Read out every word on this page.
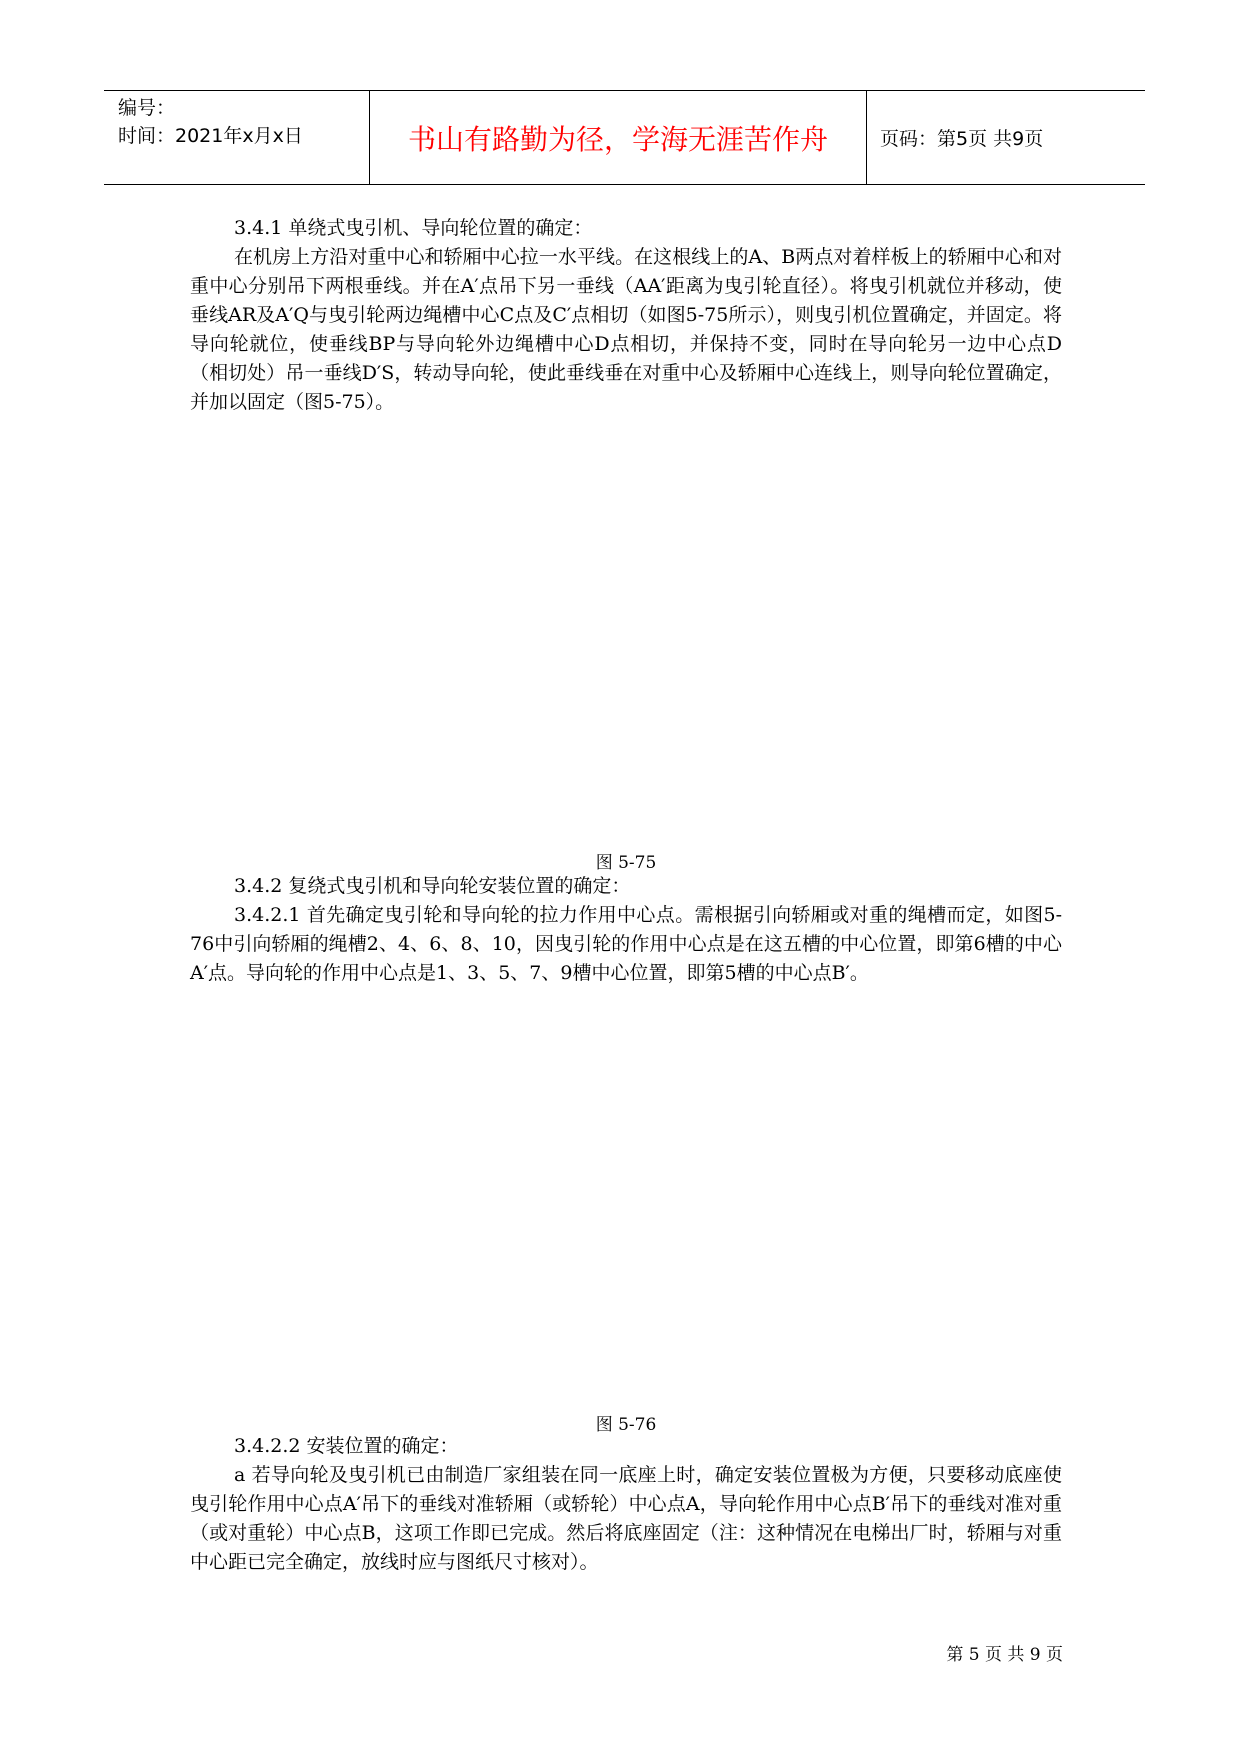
编号：
时间：2021年x月x日	书山有路勤为径，学海无涯苦作舟	页码：第5页 共9页

3.4.1 单绕式曳引机、导向轮位置的确定：

在机房上方沿对重中心和轿厢中心拉一水平线。在这根线上的A、B两点对着样板上的轿厢中心和对重中心分别吊下两根垂线。并在A′点吊下另一垂线（AA′距离为曳引轮直径）。将曳引机就位并移动，使垂线AR及A′Q与曳引轮两边绳槽中心C点及C′点相切（如图5-75所示），则曳引机位置确定，并固定。将导向轮就位，使垂线BP与导向轮外边绳槽中心D点相切，并保持不变，同时在导向轮另一边中心点D（相切处）吊一垂线D′S，转动导向轮，使此垂线垂在对重中心及轿厢中心连线上，则导向轮位置确定，并加以固定（图5-75）。

图 5-75

3.4.2 复绕式曳引机和导向轮安装位置的确定：

3.4.2.1 首先确定曳引轮和导向轮的拉力作用中心点。需根据引向轿厢或对重的绳槽而定，如图5-76中引向轿厢的绳槽2、4、6、8、10，因曳引轮的作用中心点是在这五槽的中心位置，即第6槽的中心A′点。导向轮的作用中心点是1、3、5、7、9槽中心位置，即第5槽的中心点B′。

图 5-76

3.4.2.2 安装位置的确定：

a 若导向轮及曳引机已由制造厂家组装在同一底座上时，确定安装位置极为方便，只要移动底座使曳引轮作用中心点A′吊下的垂线对准轿厢（或轿轮）中心点A，导向轮作用中心点B′吊下的垂线对准对重（或对重轮）中心点B，这项工作即已完成。然后将底座固定（注：这种情况在电梯出厂时，轿厢与对重中心距已完全确定，放线时应与图纸尺寸核对）。

第 5 页 共 9 页
